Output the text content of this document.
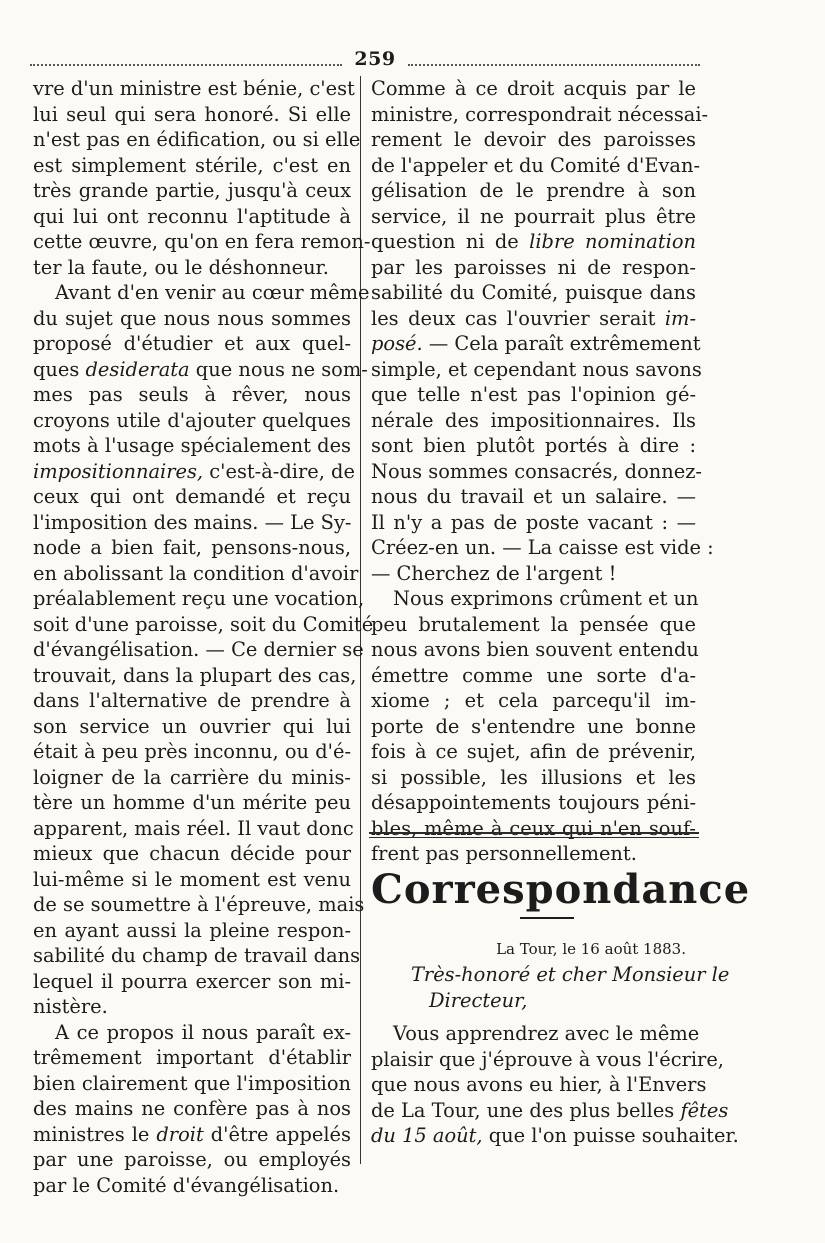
259
vre d'un ministre est bénie, c'est
lui seul qui sera honoré. Si elle
n'est pas en édification, ou si elle
est simplement stérile, c'est en
très grande partie, jusqu'à ceux
qui lui ont reconnu l'aptitude à
cette œuvre, qu'on en fera remon-
ter la faute, ou le déshonneur.
Avant d'en venir au cœur même
du sujet que nous nous sommes
proposé d'étudier et aux quel-
ques desiderata que nous ne som-
mes pas seuls à rêver, nous
croyons utile d'ajouter quelques
mots à l'usage spécialement des
impositionnaires, c'est-à-dire, de
ceux qui ont demandé et reçu
l'imposition des mains. — Le Sy-
node a bien fait, pensons-nous,
en abolissant la condition d'avoir
préalablement reçu une vocation,
soit d'une paroisse, soit du Comité
d'évangélisation. — Ce dernier se
trouvait, dans la plupart des cas,
dans l'alternative de prendre à
son service un ouvrier qui lui
était à peu près inconnu, ou d'é-
loigner de la carrière du minis-
tère un homme d'un mérite peu
apparent, mais réel. Il vaut donc
mieux que chacun décide pour
lui-même si le moment est venu
de se soumettre à l'épreuve, mais
en ayant aussi la pleine respon-
sabilité du champ de travail dans
lequel il pourra exercer son mi-
nistère.
A ce propos il nous paraît ex-
trêmement important d'établir
bien clairement que l'imposition
des mains ne confère pas à nos
ministres le droit d'être appelés
par une paroisse, ou employés
par le Comité d'évangélisation.
Comme à ce droit acquis par le
ministre, correspondrait nécessai-
rement le devoir des paroisses
de l'appeler et du Comité d'Evan-
gélisation de le prendre à son
service, il ne pourrait plus être
question ni de libre nomination
par les paroisses ni de respon-
sabilité du Comité, puisque dans
les deux cas l'ouvrier serait im-
posé. — Cela paraît extrêmement
simple, et cependant nous savons
que telle n'est pas l'opinion gé-
nérale des impositionnaires. Ils
sont bien plutôt portés à dire :
Nous sommes consacrés, donnez-
nous du travail et un salaire. —
Il n'y a pas de poste vacant : —
Créez-en un. — La caisse est vide :
— Cherchez de l'argent !
Nous exprimons crûment et un
peu brutalement la pensée que
nous avons bien souvent entendu
émettre comme une sorte d'a-
xiome ; et cela parcequ'il im-
porte de s'entendre une bonne
fois à ce sujet, afin de prévenir,
si possible, les illusions et les
désappointements toujours péni-
bles, même à ceux qui n'en souf-
frent pas personnellement.
Correspondance
La Tour, le 16 août 1883.
Très-honoré et cher Monsieur le
Directeur,
Vous apprendrez avec le même
plaisir que j'éprouve à vous l'écrire,
que nous avons eu hier, à l'Envers
de La Tour, une des plus belles fêtes
du 15 août, que l'on puisse souhaiter.
